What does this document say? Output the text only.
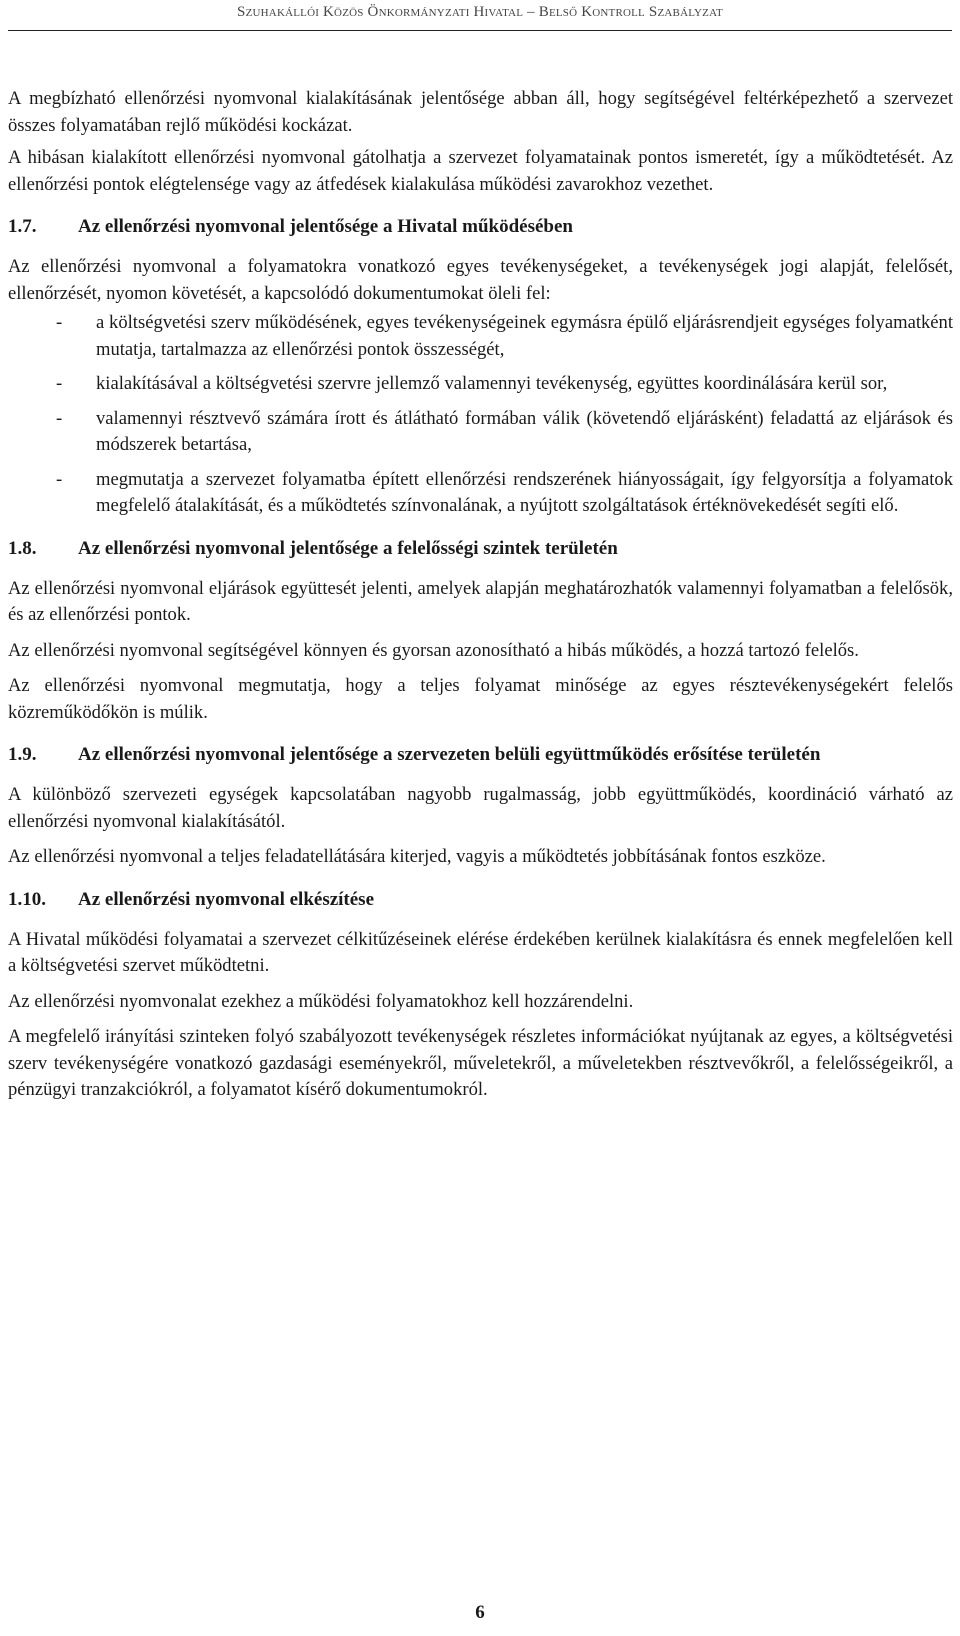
Szuhakállói Közös Önkormányzati Hivatal – Belső Kontroll Szabályzat

A megbízható ellenőrzési nyomvonal kialakításának jelentősége abban áll, hogy segítségével feltérképezhető a szervezet összes folyamatában rejlő működési kockázat.

A hibásan kialakított ellenőrzési nyomvonal gátolhatja a szervezet folyamatainak pontos ismeretét, így a működtetését. Az ellenőrzési pontok elégtelensége vagy az átfedések kialakulása működési zavarokhoz vezethet.

1.7.	Az ellenőrzési nyomvonal jelentősége a Hivatal működésében

Az ellenőrzési nyomvonal a folyamatokra vonatkozó egyes tevékenységeket, a tevékenységek jogi alapját, felelősét, ellenőrzését, nyomon követését, a kapcsolódó dokumentumokat öleli fel:

- a költségvetési szerv működésének, egyes tevékenységeinek egymásra épülő eljárásrendjeit egységes folyamatként mutatja, tartalmazza az ellenőrzési pontok összességét,
- kialakításával a költségvetési szervre jellemző valamennyi tevékenység, együttes koordinálására kerül sor,
- valamennyi résztvevő számára írott és átlátható formában válik (követendő eljárásként) feladattá az eljárások és módszerek betartása,
- megmutatja a szervezet folyamatba épített ellenőrzési rendszerének hiányosságait, így felgyorsítja a folyamatok megfelelő átalakítását, és a működtetés színvonalának, a nyújtott szolgáltatások értéknövekedését segíti elő.
1.8.	Az ellenőrzési nyomvonal jelentősége a felelősségi szintek területén

Az ellenőrzési nyomvonal eljárások együttesét jelenti, amelyek alapján meghatározhatók valamennyi folyamatban a felelősök, és az ellenőrzési pontok.

Az ellenőrzési nyomvonal segítségével könnyen és gyorsan azonosítható a hibás működés, a hozzá tartozó felelős.

Az ellenőrzési nyomvonal megmutatja, hogy a teljes folyamat minősége az egyes résztevékenységekért felelős közreműködőkön is múlik.

1.9.	Az ellenőrzési nyomvonal jelentősége a szervezeten belüli együttműködés erősítése területén

A különböző szervezeti egységek kapcsolatában nagyobb rugalmasság, jobb együttműködés, koordináció várható az ellenőrzési nyomvonal kialakításától.

Az ellenőrzési nyomvonal a teljes feladatellátására kiterjed, vagyis a működtetés jobbításának fontos eszköze.

1.10.	Az ellenőrzési nyomvonal elkészítése

A Hivatal működési folyamatai a szervezet célkitűzéseinek elérése érdekében kerülnek kialakításra és ennek megfelelően kell a költségvetési szervet működtetni.

Az ellenőrzési nyomvonalat ezekhez a működési folyamatokhoz kell hozzárendelni.

A megfelelő irányítási szinteken folyó szabályozott tevékenységek részletes információkat nyújtanak az egyes, a költségvetési szerv tevékenységére vonatkozó gazdasági eseményekről, műveletekről, a műveletekben résztvevőkről, a felelősségeikről, a pénzügyi tranzakciókról, a folyamatot kísérő dokumentumokról.

6
